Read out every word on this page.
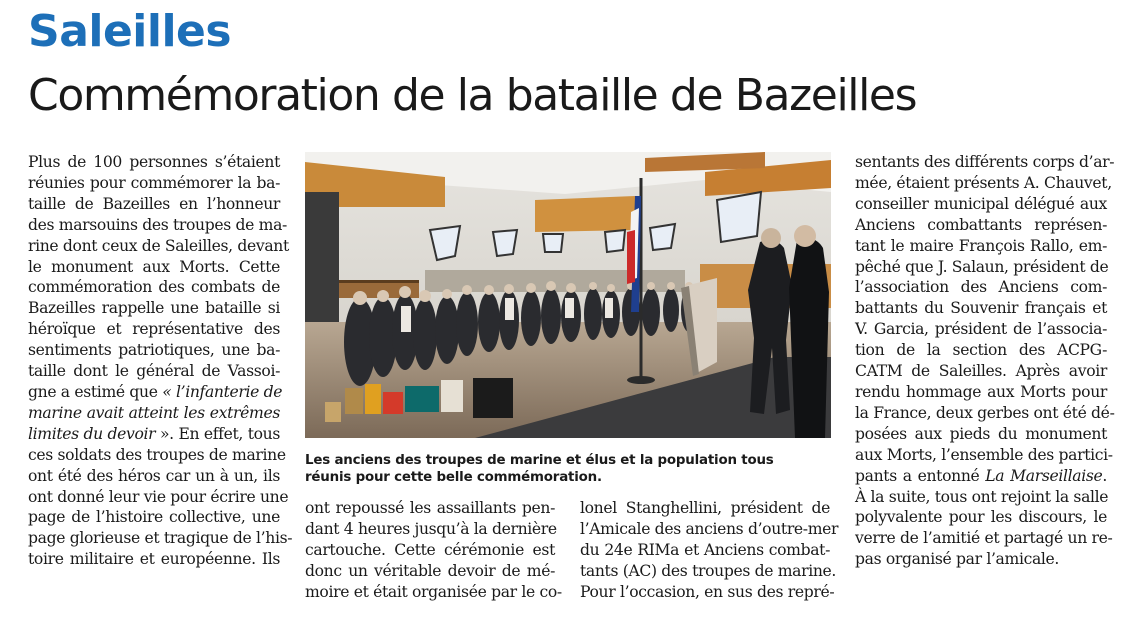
Saleilles
Commémoration de la bataille de Bazeilles
Plus de 100 personnes s’étaient
réunies pour commémorer la ba-
taille de Bazeilles en l’honneur
des marsouins des troupes de ma-
rine dont ceux de Saleilles, devant
le monument aux Morts. Cette
commémoration des combats de
Bazeilles rappelle une bataille si
héroïque et représentative des
sentiments patriotiques, une ba-
taille dont le général de Vassoi-
gne a estimé que « l’infanterie de
marine avait atteint les extrêmes
limites du devoir ». En effet, tous
ces soldats des troupes de marine
ont été des héros car un à un, ils
ont donné leur vie pour écrire une
page de l’histoire collective, une
page glorieuse et tragique de l’his-
toire militaire et européenne. Ils
Les anciens des troupes de marine et élus et la population tous
réunis pour cette belle commémoration.
ont repoussé les assaillants pen-
dant 4 heures jusqu’à la dernière
cartouche. Cette cérémonie est
donc un véritable devoir de mé-
moire et était organisée par le co-
lonel Stanghellini, président de
l’Amicale des anciens d’outre-mer
du 24e RIMa et Anciens combat-
tants (AC) des troupes de marine.
Pour l’occasion, en sus des repré-
sentants des différents corps d’ar-
mée, étaient présents A. Chauvet,
conseiller municipal délégué aux
Anciens combattants représen-
tant le maire François Rallo, em-
pêché que J. Salaun, président de
l’association des Anciens com-
battants du Souvenir français et
V. Garcia, président de l’associa-
tion de la section des ACPG-
CATM de Saleilles. Après avoir
rendu hommage aux Morts pour
la France, deux gerbes ont été dé-
posées aux pieds du monument
aux Morts, l’ensemble des partici-
pants a entonné La Marseillaise.
À la suite, tous ont rejoint la salle
polyvalente pour les discours, le
verre de l’amitié et partagé un re-
pas organisé par l’amicale.
